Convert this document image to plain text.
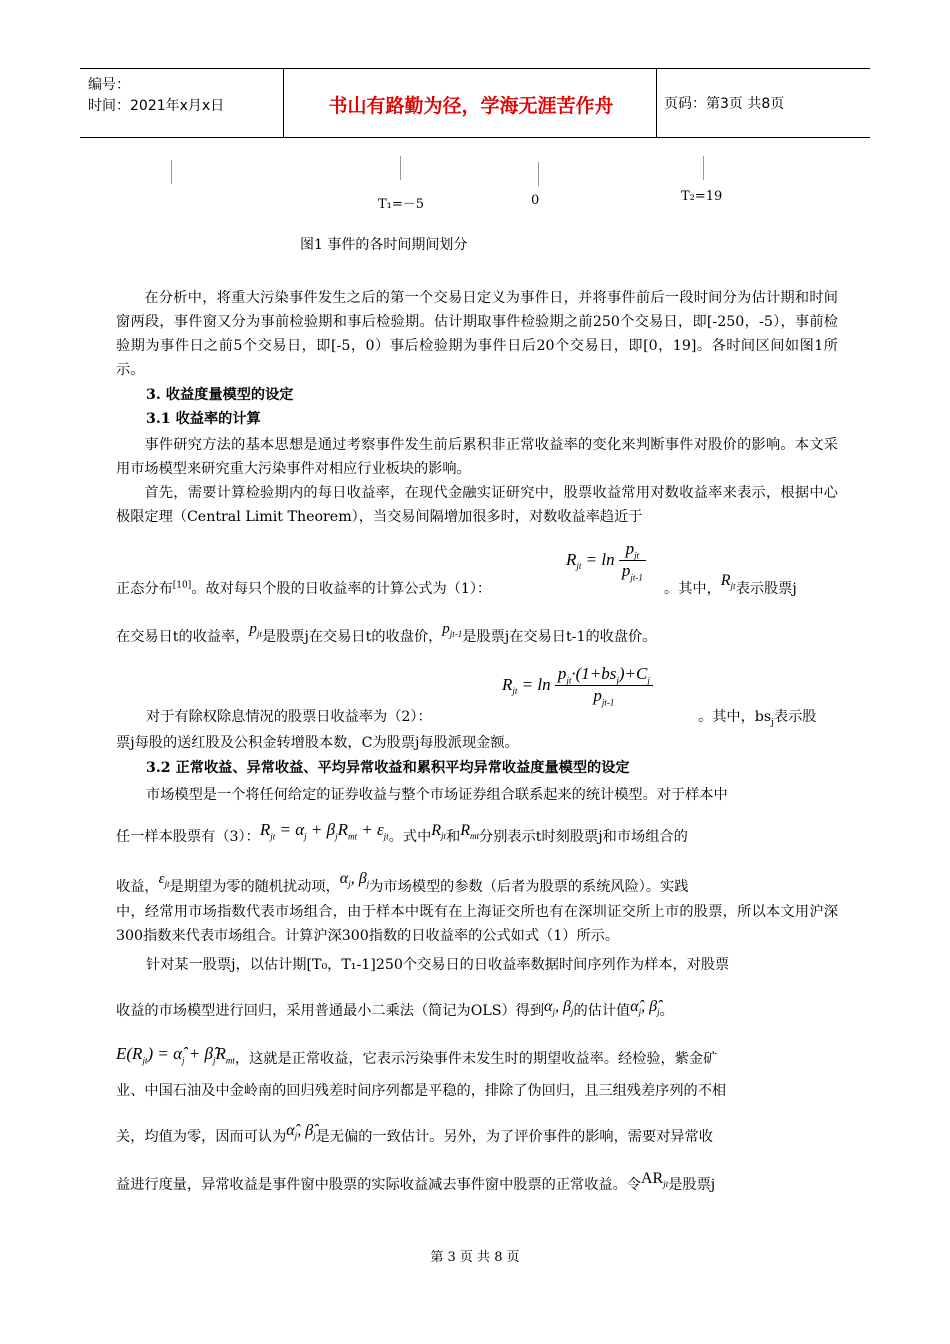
编号：
时间：2021年x月x日	书山有路勤为径，学海无涯苦作舟	页码：第3页 共8页
T₁=－5	0	T₂=19
图1 事件的各时间期间划分

在分析中，将重大污染事件发生之后的第一个交易日定义为事件日，并将事件前后一段时间分为估计期和时间窗两段，事件窗又分为事前检验期和事后检验期。估计期取事件检验期之前250个交易日，即[-250，-5），事前检验期为事件日之前5个交易日，即[-5，0）事后检验期为事件日后20个交易日，即[0，19]。各时间区间如图1所示。

3. 收益度量模型的设定
3.1 收益率的计算

事件研究方法的基本思想是通过考察事件发生前后累积非正常收益率的变化来判断事件对股价的影响。本文采用市场模型来研究重大污染事件对相应行业板块的影响。

首先，需要计算检验期内的每日收益率，在现代金融实证研究中，股票收益常用对数收益率来表示，根据中心极限定理（Central Limit Theorem），当交易间隔增加很多时，对数收益率趋近于

$R_{jt} = \ln \frac{p_{jt}}{p_{jt-1}}$
正态分布[10]。故对每只个股的日收益率的计算公式为（1）：	。其中，$R_{jt}$表示股票j
在交易日t的收益率，$p_{jt}$是股票j在交易日t的收盘价，$p_{jt-1}$是股票j在交易日t-1的收盘价。
$R_{jt} = \ln \frac{p_{jt}\cdot(1+bs_j)+C_j}{p_{jt-1}}$
对于有除权除息情况的股票日收益率为（2）：	。其中，$bs_j$表示股
票j每股的送红股及公积金转增股本数，C为股票j每股派现金额。
3.2 正常收益、异常收益、平均异常收益和累积平均异常收益度量模型的设定
市场模型是一个将任何给定的证券收益与整个市场证券组合联系起来的统计模型。对于样本中
任一样本股票有（3）：$R_{jt} = \alpha_j + \beta_jR_{mt} + \varepsilon_{jt}$。式中$R_{jt}$和$R_{mt}$分别表示t时刻股票j和市场组合的
收益，$\varepsilon_{jt}$是期望为零的随机扰动项，$\alpha_j$, $\beta_j$为市场模型的参数（后者为股票的系统风险）。实践

中，经常用市场指数代表市场组合，由于样本中既有在上海证交所也有在深圳证交所上市的股票，所以本文用沪深300指数来代表市场组合。计算沪深300指数的日收益率的公式如式（1）所示。

针对某一股票j，以估计期[T₀，T₁-1]250个交易日的日收益率数据时间序列作为样本，对股票
收益的市场模型进行回归，采用普通最小二乘法（简记为OLS）得到$\alpha_j$, $\beta_j$的估计值$\alphâ_j$, $\betâ_j$。
$E(R_{jt})$ = $\alphâ_j$ + $\betâ_jR_{mt}$，这就是正常收益，它表示污染事件未发生时的期望收益率。经检验，紫金矿
业、中国石油及中金岭南的回归残差时间序列都是平稳的，排除了伪回归，且三组残差序列的不相
关，均值为零，因而可认为$\alphâ_j$, $\betâ_j$是无偏的一致估计。另外，为了评价事件的影响，需要对异常收
益进行度量，异常收益是事件窗中股票的实际收益减去事件窗中股票的正常收益。令$AR_{jt}$是股票j
第 3 页 共 8 页
